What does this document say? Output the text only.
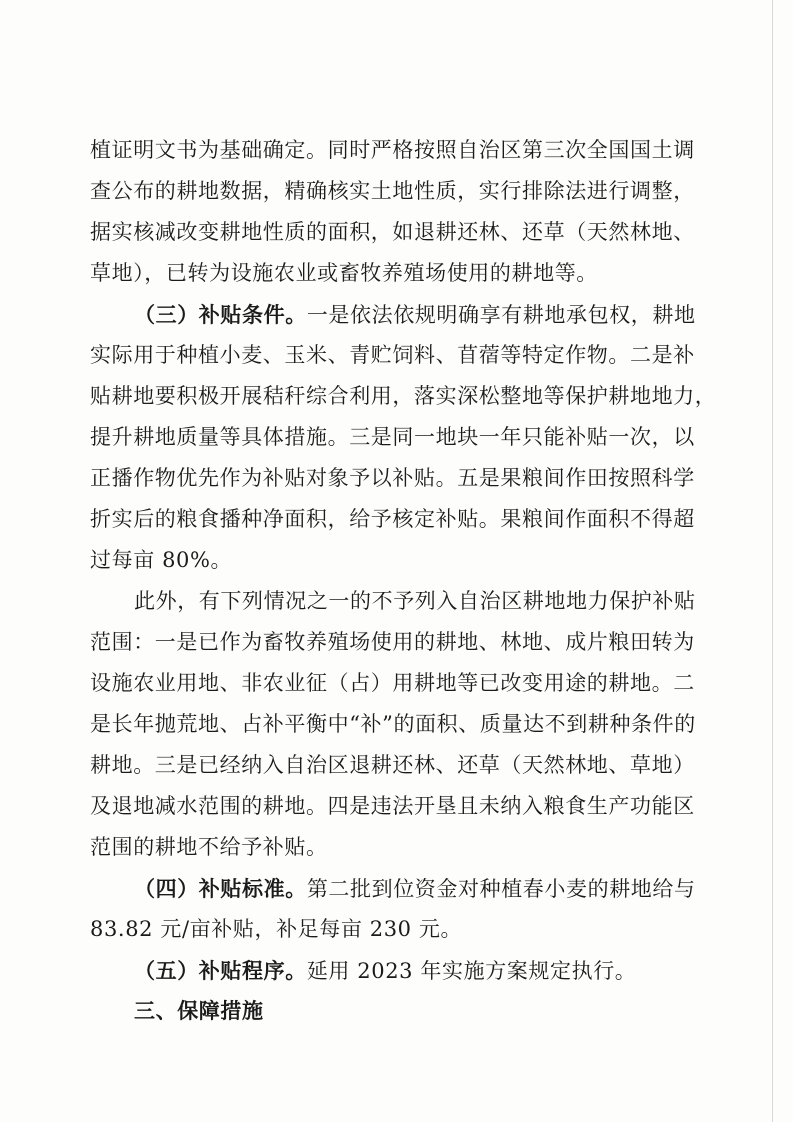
植证明文书为基础确定。同时严格按照自治区第三次全国国土调
查公布的耕地数据，精确核实土地性质，实行排除法进行调整，
据实核减改变耕地性质的面积，如退耕还林、还草（天然林地、
草地），已转为设施农业或畜牧养殖场使用的耕地等。
（三）补贴条件。一是依法依规明确享有耕地承包权，耕地
实际用于种植小麦、玉米、青贮饲料、苜蓿等特定作物。二是补
贴耕地要积极开展秸秆综合利用，落实深松整地等保护耕地地力，
提升耕地质量等具体措施。三是同一地块一年只能补贴一次，以
正播作物优先作为补贴对象予以补贴。五是果粮间作田按照科学
折实后的粮食播种净面积，给予核定补贴。果粮间作面积不得超
过每亩 80%。
此外，有下列情况之一的不予列入自治区耕地地力保护补贴
范围：一是已作为畜牧养殖场使用的耕地、林地、成片粮田转为
设施农业用地、非农业征（占）用耕地等已改变用途的耕地。二
是长年抛荒地、占补平衡中“补”的面积、质量达不到耕种条件的
耕地。三是已经纳入自治区退耕还林、还草（天然林地、草地）
及退地减水范围的耕地。四是违法开垦且未纳入粮食生产功能区
范围的耕地不给予补贴。
（四）补贴标准。第二批到位资金对种植春小麦的耕地给与
83.82 元/亩补贴，补足每亩 230 元。
（五）补贴程序。延用 2023 年实施方案规定执行。
三、保障措施
